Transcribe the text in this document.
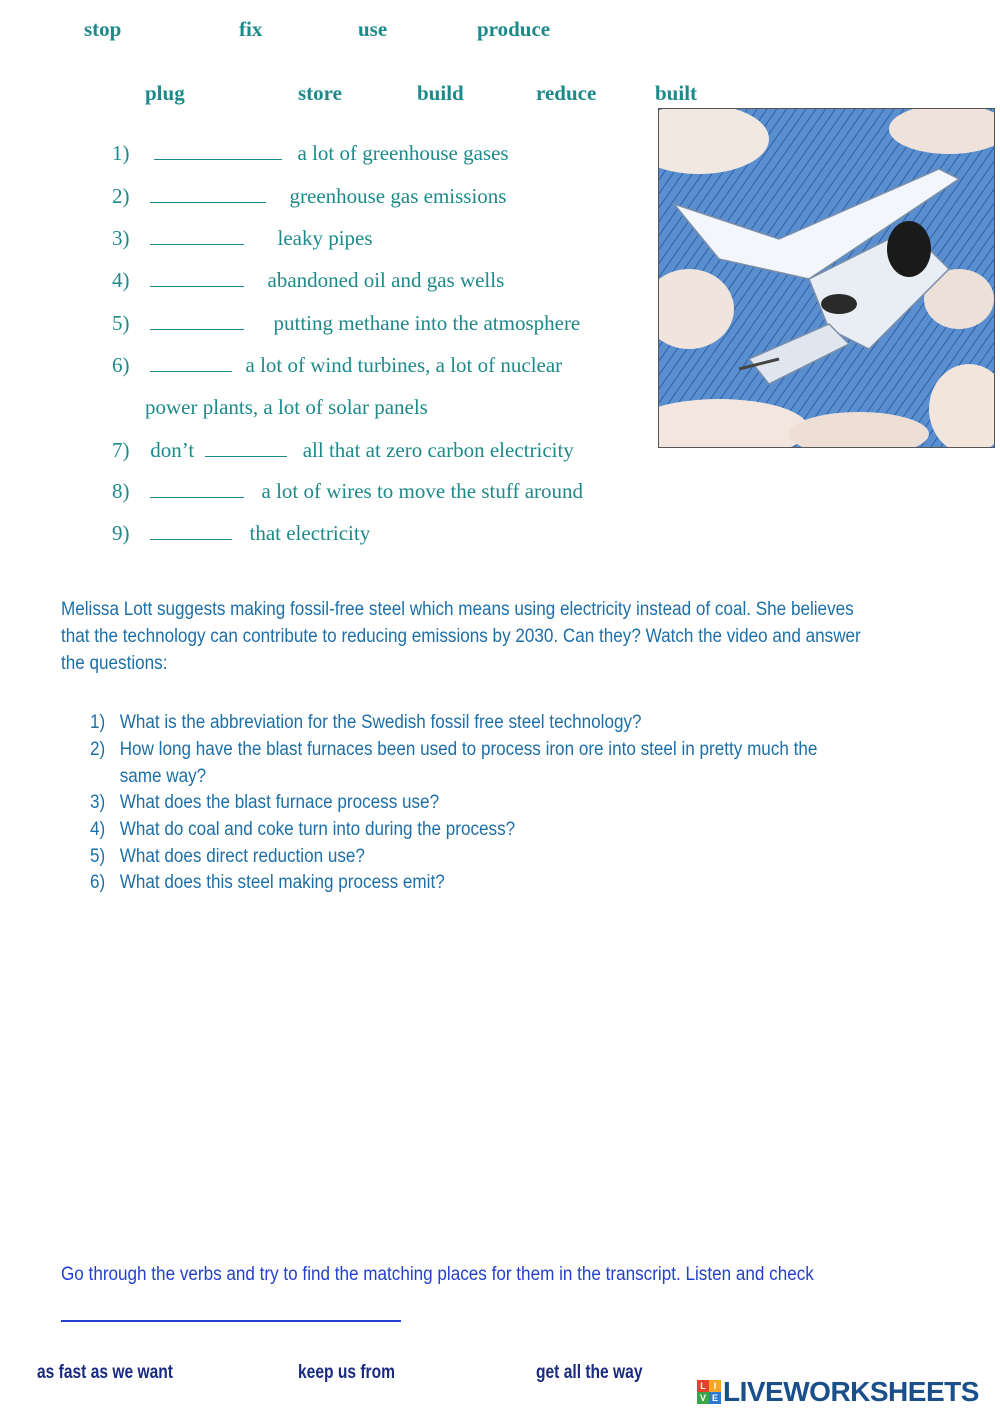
stop	fix	use	produce
plug	store	build	reduce	built
1)	a lot of greenhouse gases
2)	greenhouse gas emissions
3)	leaky pipes
4)	abandoned oil and gas wells
5)	putting methane into the atmosphere
6)	a lot of wind turbines, a lot of nuclear
power plants, a lot of solar panels
7) don’t	all that at zero carbon electricity
8)	a lot of wires to move the stuff around
9)	that electricity
Melissa Lott suggests making fossil-free steel which means using electricity instead of coal. She believes that the technology can contribute to reducing emissions by 2030. Can they? Watch the video and answer the questions:
1) What is the abbreviation for the Swedish fossil free steel technology?
2) How long have the blast furnaces been used to process iron ore into steel in pretty much the
same way?
3) What does the blast furnace process use?
4) What do coal and coke turn into during the process?
5) What does direct reduction use?
6) What does this steel making process emit?
Go through the verbs and try to find the matching places for them in the transcript. Listen and check
as fast as we want	keep us from	get all the way
L I
V E LIVEWORKSHEETS
